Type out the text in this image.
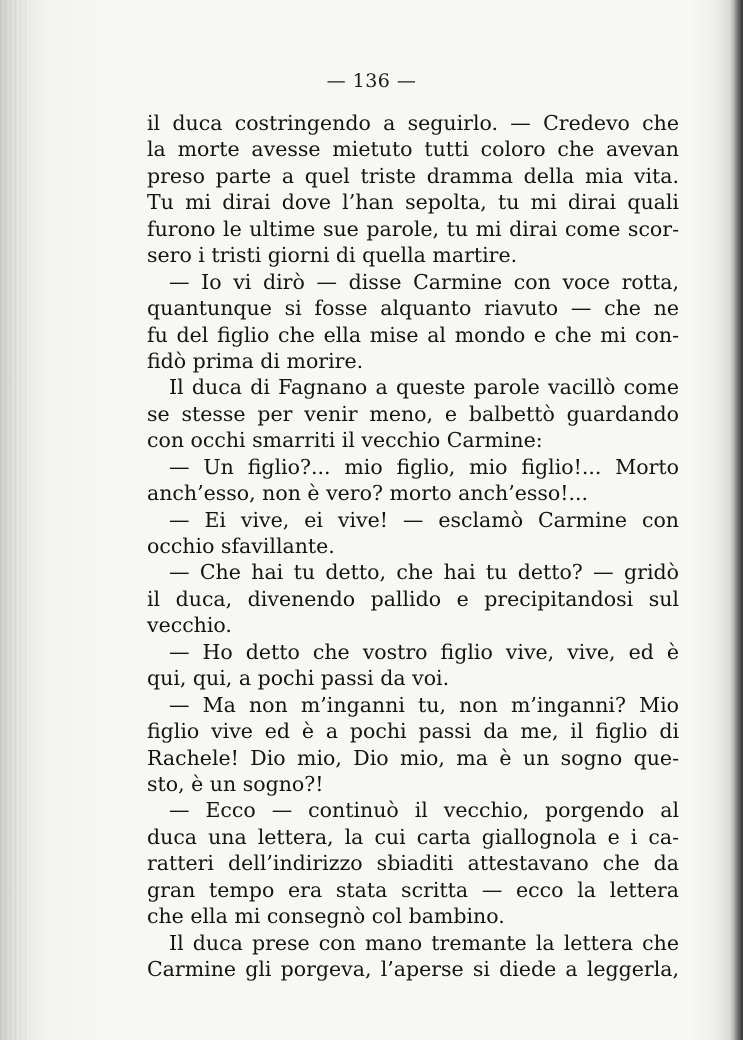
— 136 —
il duca costringendo a seguirlo. — Credevo che
la morte avesse mietuto tutti coloro che avevan
preso parte a quel triste dramma della mia vita.
Tu mi dirai dove l’han sepolta, tu mi dirai quali
furono le ultime sue parole, tu mi dirai come scor-
sero i tristi giorni di quella martire.
— Io vi dirò — disse Carmine con voce rotta,
quantunque si fosse alquanto riavuto — che ne
fu del figlio che ella mise al mondo e che mi con-
fidò prima di morire.
Il duca di Fagnano a queste parole vacillò come
se stesse per venir meno, e balbettò guardando
con occhi smarriti il vecchio Carmine:
— Un figlio?... mio figlio, mio figlio!... Morto
anch’esso, non è vero? morto anch’esso!...
— Ei vive, ei vive! — esclamò Carmine con
occhio sfavillante.
— Che hai tu detto, che hai tu detto? — gridò
il duca, divenendo pallido e precipitandosi sul
vecchio.
— Ho detto che vostro figlio vive, vive, ed è
qui, qui, a pochi passi da voi.
— Ma non m’inganni tu, non m’inganni? Mio
figlio vive ed è a pochi passi da me, il figlio di
Rachele! Dio mio, Dio mio, ma è un sogno que-
sto, è un sogno?!
— Ecco — continuò il vecchio, porgendo al
duca una lettera, la cui carta giallognola e i ca-
ratteri dell’indirizzo sbiaditi attestavano che da
gran tempo era stata scritta — ecco la lettera
che ella mi consegnò col bambino.
Il duca prese con mano tremante la lettera che
Carmine gli porgeva, l’aperse si diede a leggerla,
